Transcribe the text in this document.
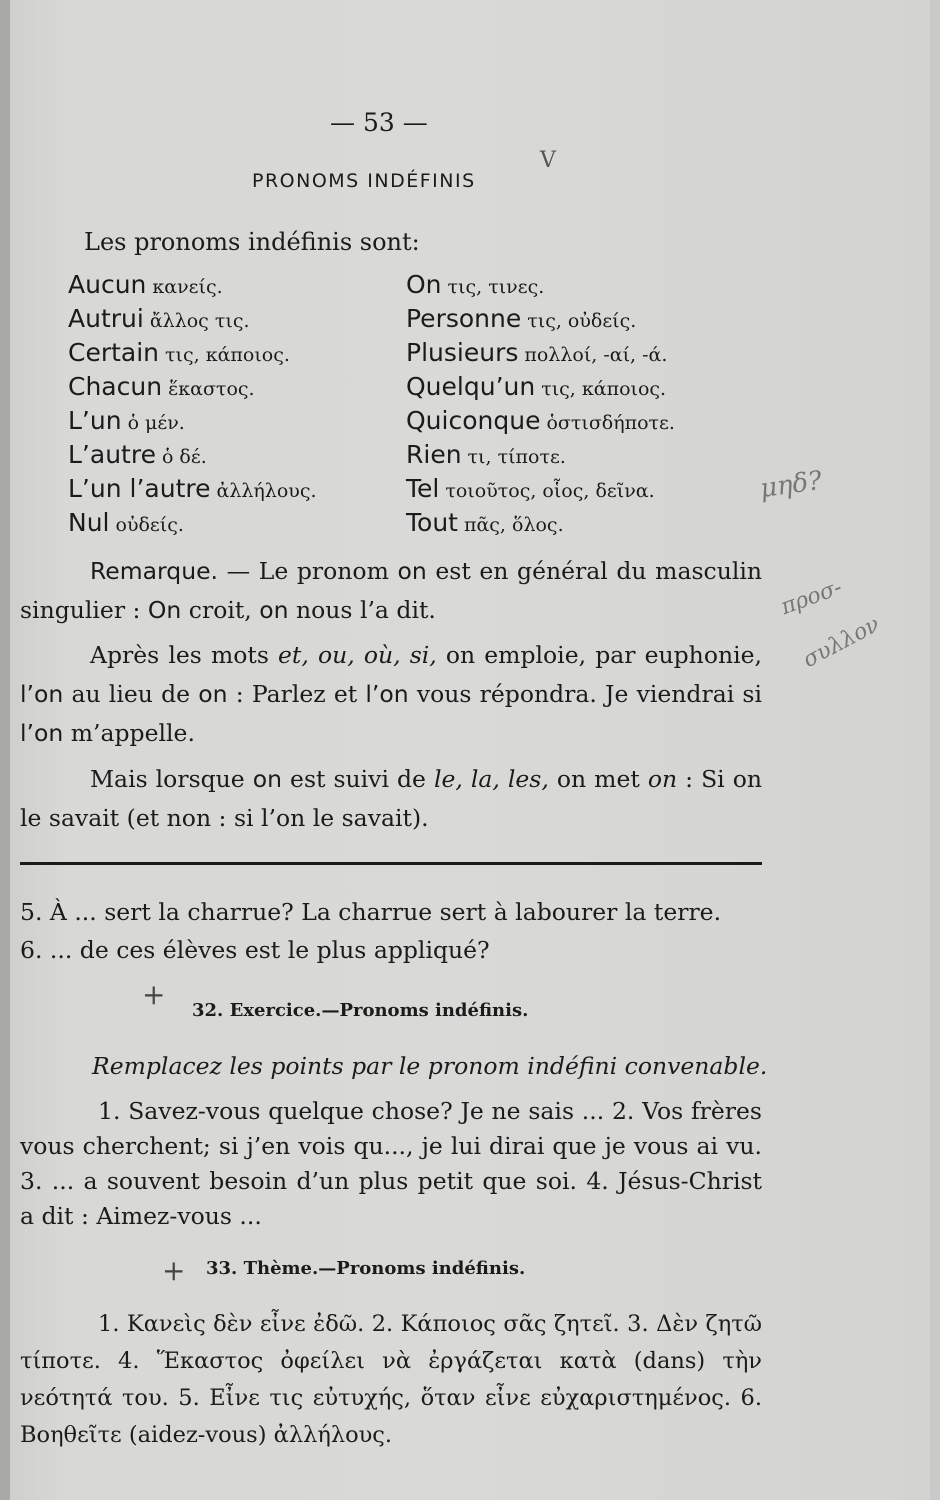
— 53 —
PRONOMS INDÉFINIS
V
Les pronoms indéfinis sont:
Aucun κανείς.
Autrui ἄλλος τις.
Certain τις, κάποιος.
Chacun ἕκαστος.
L’un ὁ μέν.
L’autre ὁ δέ.
L’un l’autre ἀλλήλους.
Nul οὐδείς.
On τις, τινες.
Personne τις, οὐδείς.
Plusieurs πολλοί, -αί, -ά.
Quelqu’un τις, κάποιος.
Quiconque ὁστισδήποτε.
Rien τι, τίποτε.
Tel τοιοῦτος, οἷος, δεῖνα.
Tout πᾶς, ὅλος.

Remarque. — Le pronom on est en général du masculin singulier : On croit, on nous l’a dit.

Après les mots et, ou, où, si, on emploie, par euphonie, l’on au lieu de on : Parlez et l’on vous répondra. Je viendrai si l’on m’appelle.

Mais lorsque on est suivi de le, la, les, on met on : Si on le savait (et non : si l’on le savait).

5. À ... sert la charrue? La charrue sert à labourer la terre.
6. ... de ces élèves est le plus appliqué?
+ 32. Exercice.—Pronoms indéfinis.
Remplacez les points par le pronom indéfini convenable.
1. Savez-vous quelque chose? Je ne sais ... 2. Vos frères vous cherchent; si j’en vois qu..., je lui dirai que je vous ai vu. 3. ... a souvent besoin d’un plus petit que soi. 4. Jésus-Christ a dit : Aimez-vous ...
+ 33. Thème.—Pronoms indéfinis.
1. Κανεὶς δὲν εἶνε ἐδῶ. 2. Κάποιος σᾶς ζητεῖ. 3. Δὲν ζητῶ τίποτε. 4. Ἕκαστος ὀφείλει νὰ ἐργάζεται κατὰ (dans) τὴν νεότητά του. 5. Εἶνε τις εὐτυχής, ὅταν εἶνε εὐχαριστημένος. 6. Βοηθεῖτε (aidez-vous) ἀλλήλους.
μηδ?
προσ-
συλλον
